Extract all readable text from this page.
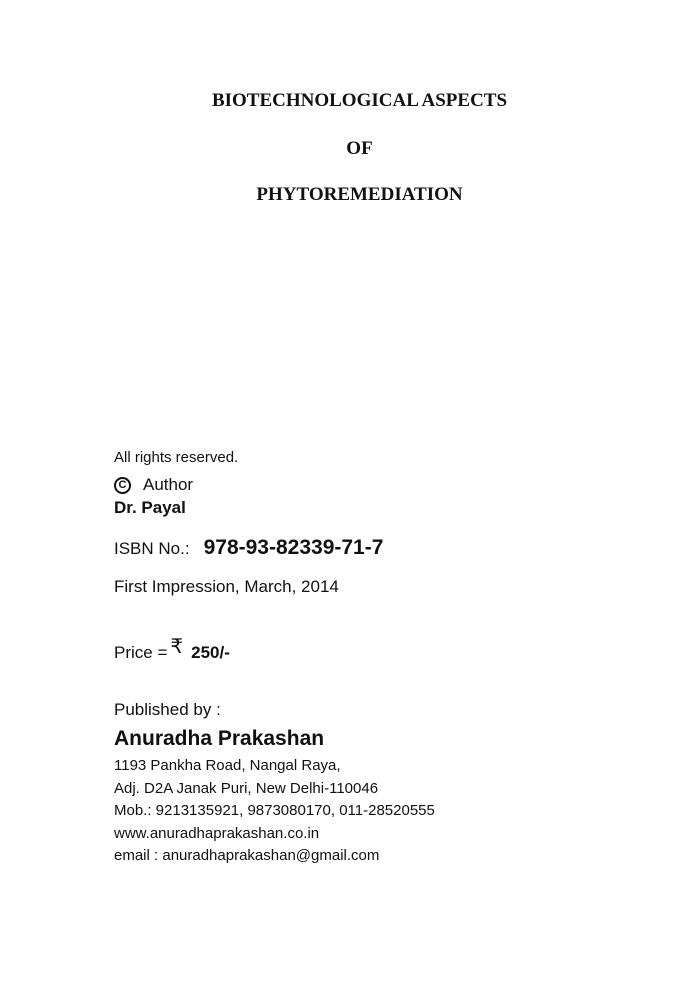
BIOTECHNOLOGICAL ASPECTS
OF
PHYTOREMEDIATION
All rights reserved.
C Author
Dr. Payal
ISBN No.: 978-93-82339-71-7
First Impression, March, 2014
Price = ₹ 250/-
Published by :
Anuradha Prakashan
1193 Pankha Road, Nangal Raya,
Adj. D2A Janak Puri, New Delhi-110046
Mob.: 9213135921, 9873080170, 011-28520555
www.anuradhaprakashan.co.in
email : anuradhaprakashan@gmail.com
